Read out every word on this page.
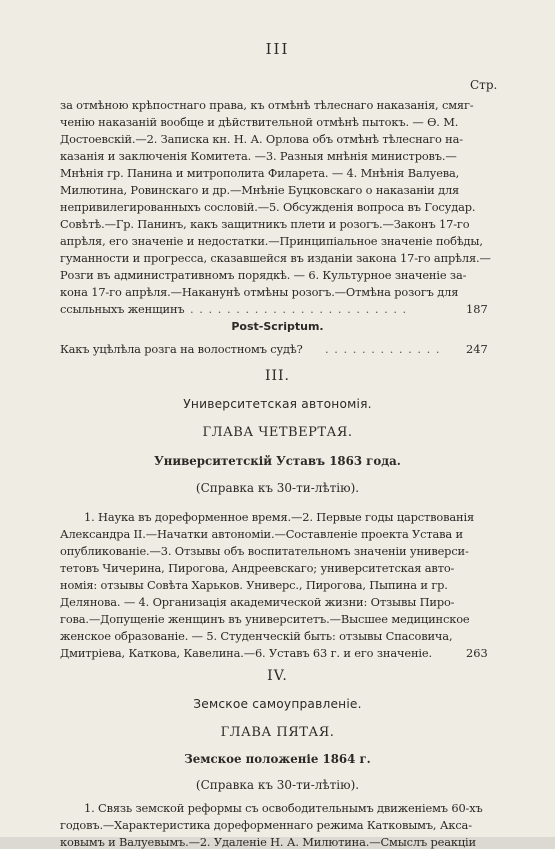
III
Стр.
за отмѣною крѣпостнаго права, къ отмѣнѣ тѣлеснаго наказанія, смяг-
ченію наказаній вообще и дѣйствительной отмѣнѣ пытокъ. — Ѳ. М.
Достоевскій.—2. Записка кн. Н. А. Орлова объ отмѣнѣ тѣлеснаго на-
казанія и заключенія Комитета. —3. Разныя мнѣнія министровъ.—
Мнѣнія гр. Панина и митрополита Филарета. — 4. Мнѣнія Валуева,
Милютина, Ровинскаго и др.—Мнѣніе Буцковскаго о наказаніи для
непривилегированныхъ сословій.—5. Обсужденія вопроса въ Государ.
Совѣтѣ.—Гр. Панинъ, какъ защитникъ плети и розогъ.—Законъ 17-го
апрѣля, его значеніе и недостатки.—Принципіальное значеніе побѣды,
гуманности и прогресса, сказавшейся въ изданіи закона 17-го апрѣля.—
Розги въ административномъ порядкѣ. — 6. Культурное значеніе за-
кона 17-го апрѣля.—Наканунѣ отмѣны розогъ.—Отмѣна розогъ для
ссыльныхъ женщинъ . . . . . . . . . . . . . . . . . . . . . . . .	187
Post-Scriptum.
Какъ уцѣлѣла розга на волостномъ судѣ? . . . . . . . . . . . . . 247
III.
Университетская автономія.
ГЛАВА ЧЕТВЕРТАЯ.
Университетскій Уставъ 1863 года.
(Справка къ 30-ти-лѣтію).
1. Наука въ дореформенное время.—2. Первые годы царствованія
Александра II.—Начатки автономіи.—Составленіе проекта Устава и
опубликованіе.—3. Отзывы объ воспитательномъ значеніи универси-
тетовъ Чичерина, Пирогова, Андреевскаго; университетская авто-
номія: отзывы Совѣта Харьков. Универс., Пирогова, Пыпина и гр.
Делянова. — 4. Организація академической жизни: Отзывы Пиро-
гова.—Допущеніе женщинъ въ университетъ.—Высшее медицинское
женское образованіе. — 5. Студенческій быть: отзывы Спасовича,
Дмитріева, Каткова, Кавелина.—6. Уставъ 63 г. и его значеніе.	263
IV.
Земское самоуправленіе.
ГЛАВА ПЯТАЯ.
Земское положеніе 1864 г.
(Справка къ 30-ти-лѣтію).
1. Связь земской реформы съ освободительнымъ движеніемъ 60-хъ
годовъ.—Характеристика дореформеннаго режима Катковымъ, Акса-
ковымъ и Валуевымъ.—2. Удаленіе Н. А. Милютина.—Смыслъ реакціи
